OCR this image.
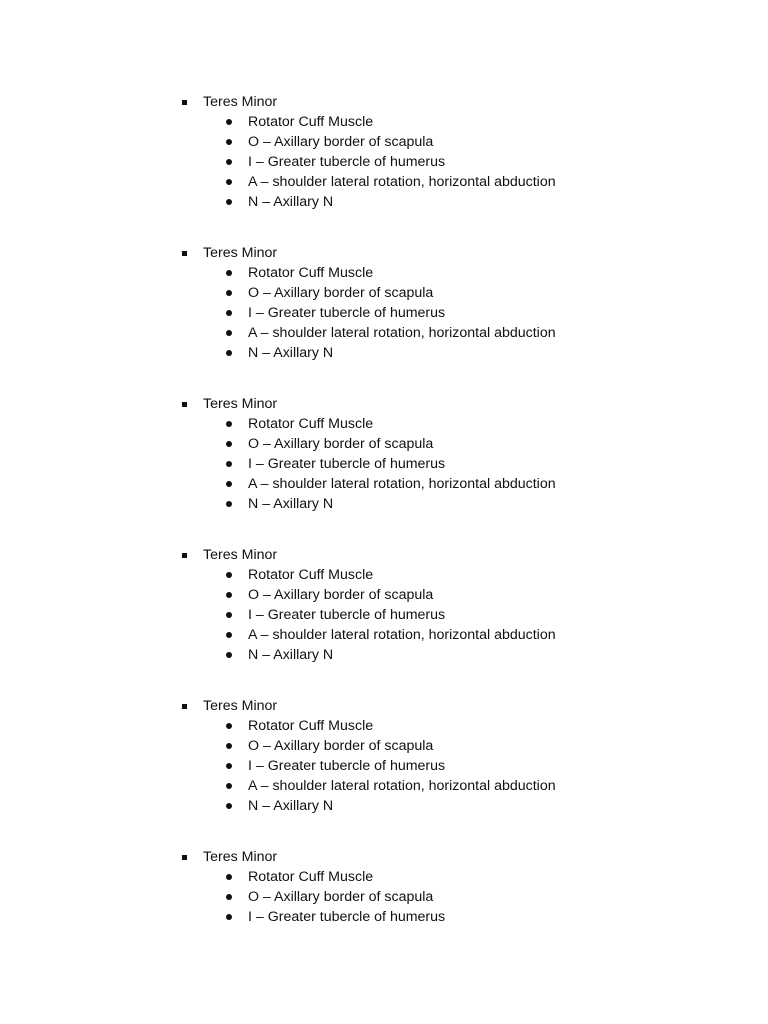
Teres Minor
Rotator Cuff Muscle
O – Axillary border of scapula
I – Greater tubercle of humerus
A – shoulder lateral rotation, horizontal abduction
N – Axillary N
Teres Minor
Rotator Cuff Muscle
O – Axillary border of scapula
I – Greater tubercle of humerus
A – shoulder lateral rotation, horizontal abduction
N – Axillary N
Teres Minor
Rotator Cuff Muscle
O – Axillary border of scapula
I – Greater tubercle of humerus
A – shoulder lateral rotation, horizontal abduction
N – Axillary N
Teres Minor
Rotator Cuff Muscle
O – Axillary border of scapula
I – Greater tubercle of humerus
A – shoulder lateral rotation, horizontal abduction
N – Axillary N
Teres Minor
Rotator Cuff Muscle
O – Axillary border of scapula
I – Greater tubercle of humerus
A – shoulder lateral rotation, horizontal abduction
N – Axillary N
Teres Minor
Rotator Cuff Muscle
O – Axillary border of scapula
I – Greater tubercle of humerus
